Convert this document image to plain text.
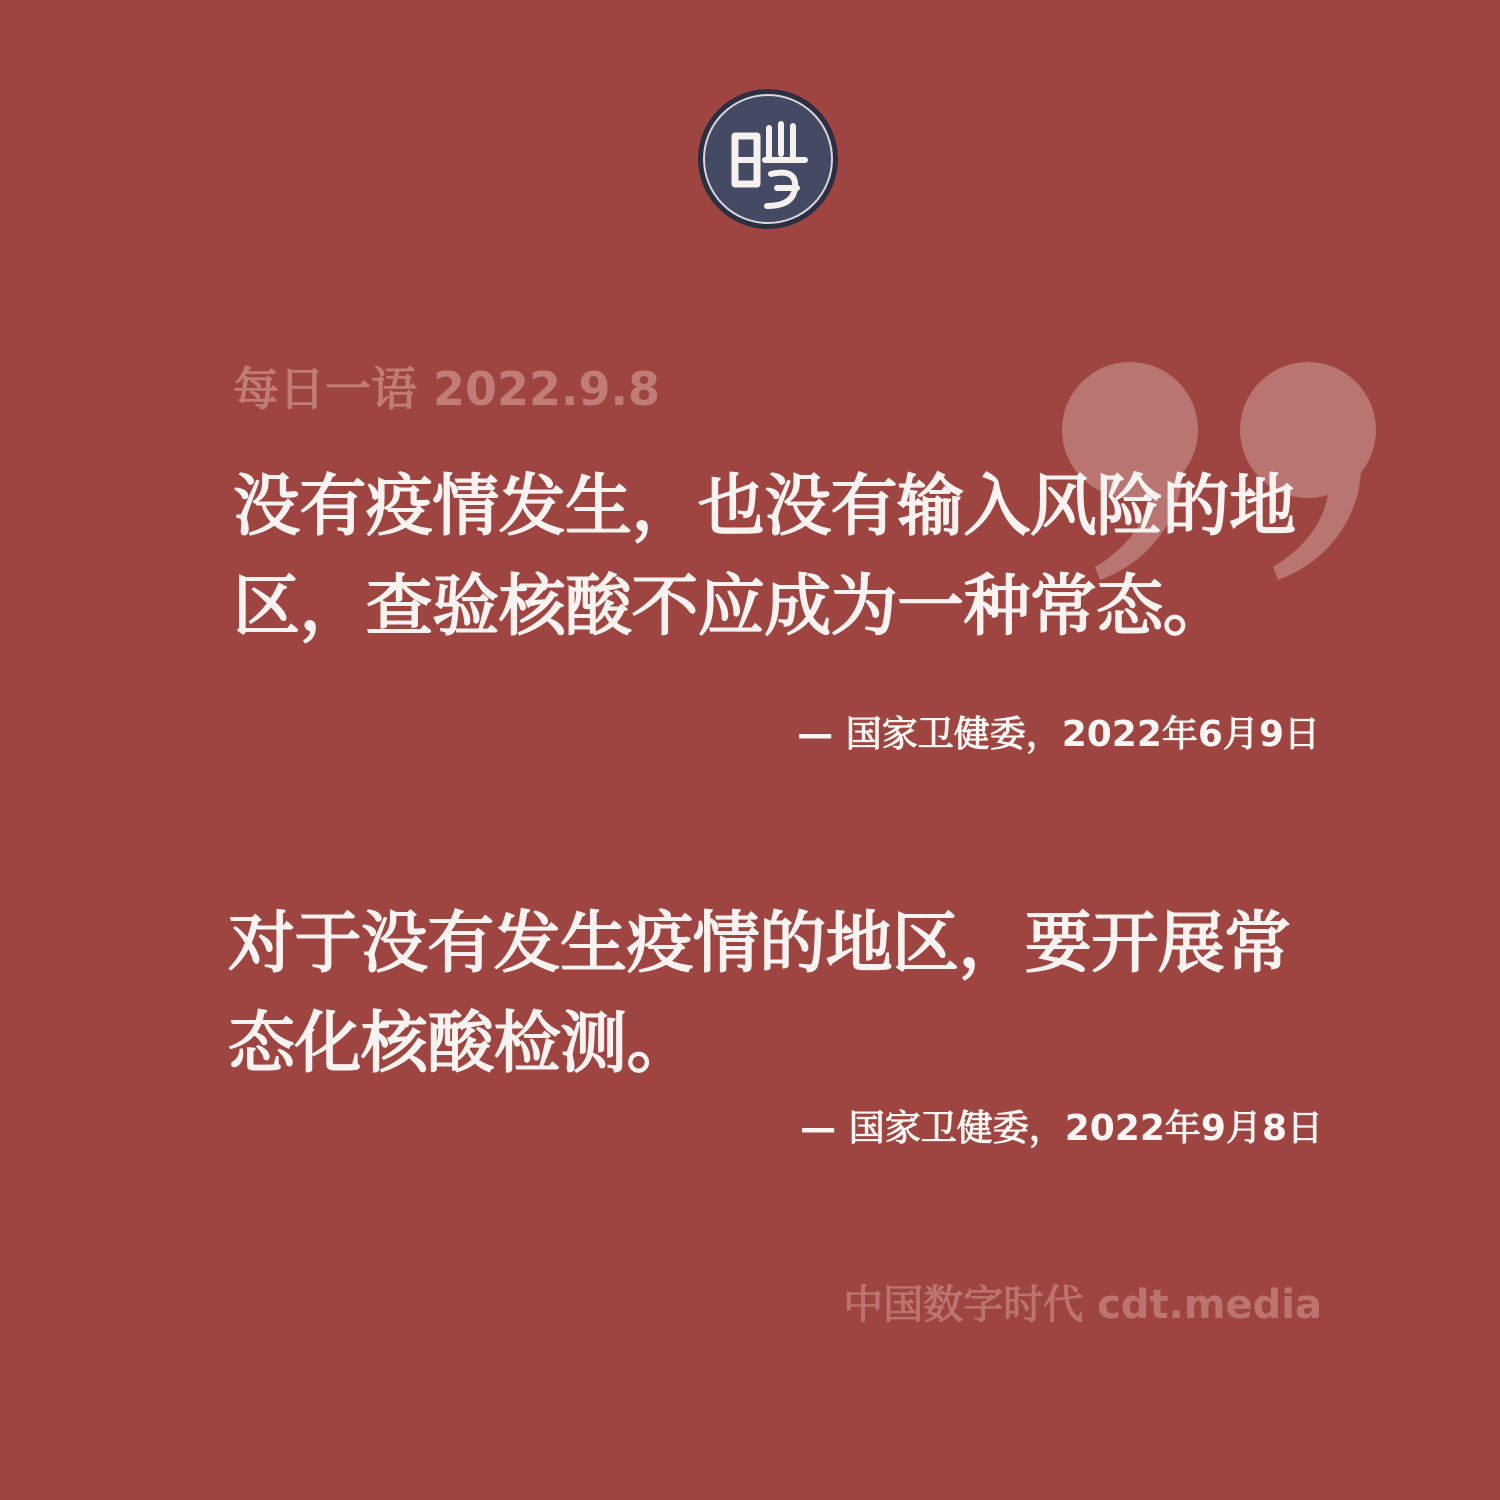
每日一语 2022.9.8
没有疫情发生，也没有输入风险的地区，查验核酸不应成为一种常态。
— 国家卫健委，2022年6月9日
对于没有发生疫情的地区，要开展常态化核酸检测。
— 国家卫健委，2022年9月8日
中国数字时代 cdt.media
